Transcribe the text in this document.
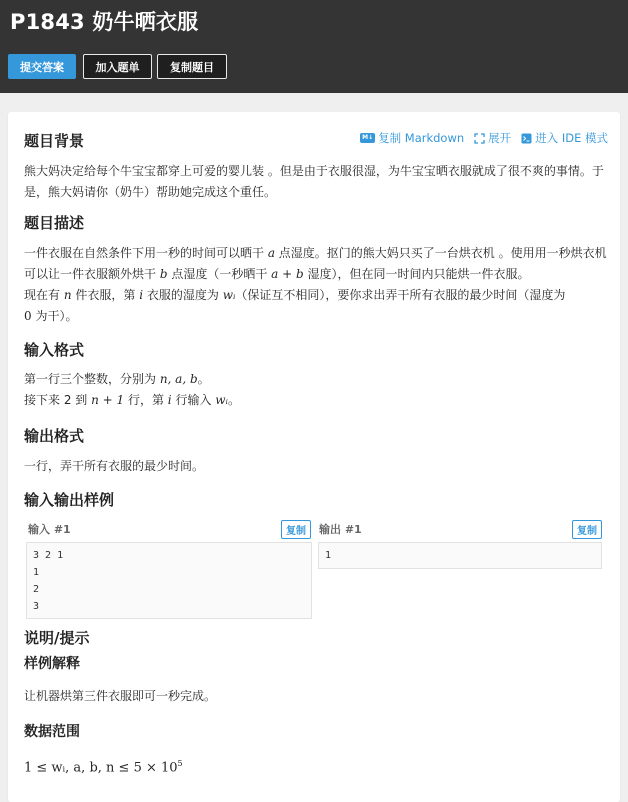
P1843 奶牛晒衣服
提交答案	加入题单	复制题目
M↓ 复制 Markdown 展开 进入 IDE 模式
题目背景
熊大妈决定给每个牛宝宝都穿上可爱的婴儿装 。但是由于衣服很湿，为牛宝宝晒衣服就成了很不爽的事情。于是，熊大妈请你（奶牛）帮助她完成这个重任。
题目描述
一件衣服在自然条件下用一秒的时间可以晒干 a 点湿度。抠门的熊大妈只买了一台烘衣机 。使用用一秒烘衣机可以让一件衣服额外烘干 b 点湿度（一秒晒干 a + b 湿度），但在同一时间内只能烘一件衣服。
现在有 n 件衣服，第 i 衣服的湿度为 wᵢ（保证互不相同），要你求出弄干所有衣服的最少时间（湿度为
0 为干）。
输入格式
第一行三个整数，分别为 n, a, b。
接下来 2 到 n + 1 行，第 i 行输入 wᵢ。
输出格式
一行，弄干所有衣服的最少时间。
输入输出样例
输入 #1	复制
3 2 1
1
2
3
输出 #1	复制
1
说明/提示
样例解释
让机器烘第三件衣服即可一秒完成。
数据范围
1 ≤ wᵢ, a, b, $n \le 5 \times 10^5$
